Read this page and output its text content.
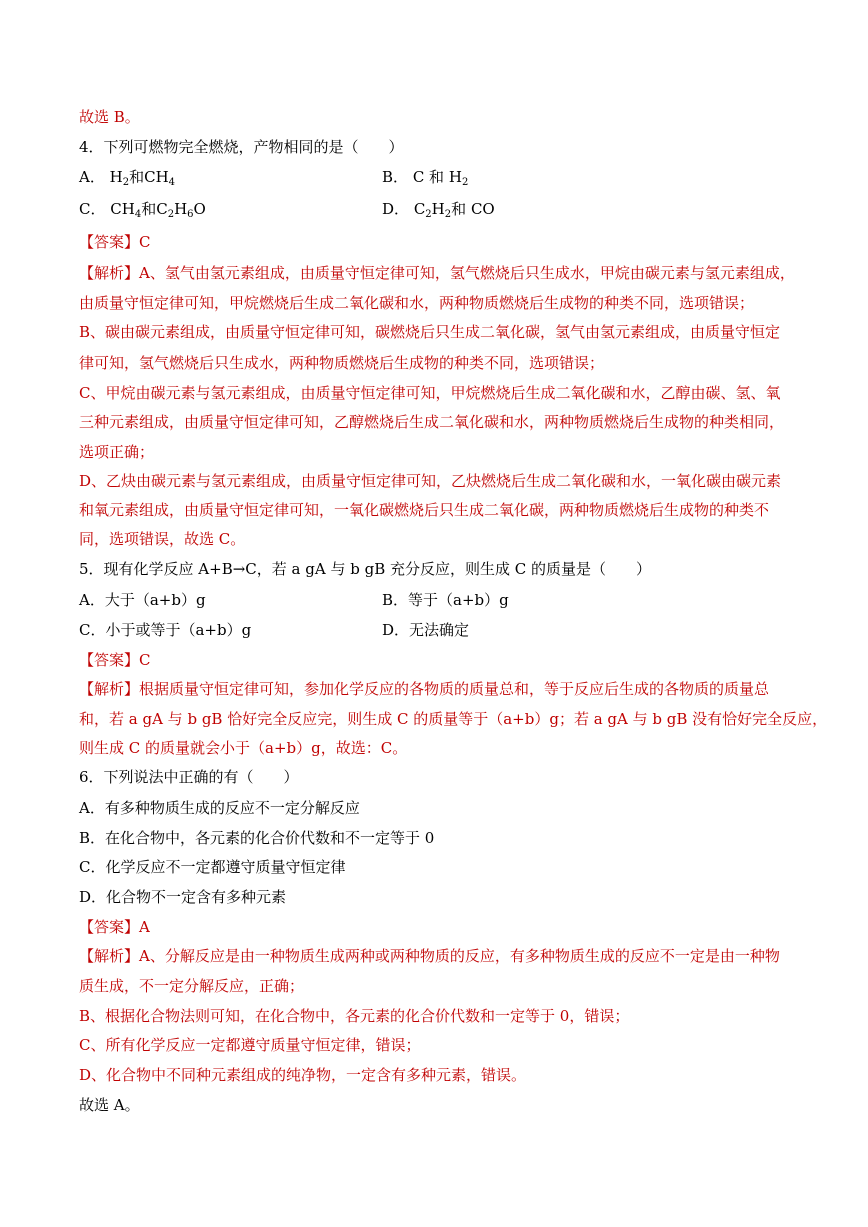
故选 B。
4．下列可燃物完全燃烧，产物相同的是（　　）
A． $H_2$和$CH_4$	B． C 和 $H_2$
C． $CH_4$和$C_2H_6O$	D． $C_2H_2$和 CO
【答案】C
【解析】A、氢气由氢元素组成，由质量守恒定律可知，氢气燃烧后只生成水，甲烷由碳元素与氢元素组成，
由质量守恒定律可知，甲烷燃烧后生成二氧化碳和水，两种物质燃烧后生成物的种类不同，选项错误；
B、碳由碳元素组成，由质量守恒定律可知，碳燃烧后只生成二氧化碳，氢气由氢元素组成，由质量守恒定
律可知，氢气燃烧后只生成水，两种物质燃烧后生成物的种类不同，选项错误；
C、甲烷由碳元素与氢元素组成，由质量守恒定律可知，甲烷燃烧后生成二氧化碳和水，乙醇由碳、氢、氧
三种元素组成，由质量守恒定律可知，乙醇燃烧后生成二氧化碳和水，两种物质燃烧后生成物的种类相同，
选项正确；
D、乙炔由碳元素与氢元素组成，由质量守恒定律可知，乙炔燃烧后生成二氧化碳和水，一氧化碳由碳元素
和氧元素组成，由质量守恒定律可知，一氧化碳燃烧后只生成二氧化碳，两种物质燃烧后生成物的种类不
同，选项错误，故选 C。
5．现有化学反应 A+B→C，若 a gA 与 b gB 充分反应，则生成 C 的质量是（　　）
A．大于（a+b）g	B．等于（a+b）g
C．小于或等于（a+b）g	D．无法确定
【答案】C
【解析】根据质量守恒定律可知，参加化学反应的各物质的质量总和，等于反应后生成的各物质的质量总
和，若 a gA 与 b gB 恰好完全反应完，则生成 C 的质量等于（a+b）g；若 a gA 与 b gB 没有恰好完全反应，
则生成 C 的质量就会小于（a+b）g，故选：C。
6．下列说法中正确的有（　　）
A．有多种物质生成的反应不一定分解反应
B．在化合物中，各元素的化合价代数和不一定等于 0
C．化学反应不一定都遵守质量守恒定律
D．化合物不一定含有多种元素
【答案】A
【解析】A、分解反应是由一种物质生成两种或两种物质的反应，有多种物质生成的反应不一定是由一种物
质生成，不一定分解反应，正确；
B、根据化合物法则可知，在化合物中，各元素的化合价代数和一定等于 0，错误；
C、所有化学反应一定都遵守质量守恒定律，错误；
D、化合物中不同种元素组成的纯净物，一定含有多种元素，错误。
故选 A。
